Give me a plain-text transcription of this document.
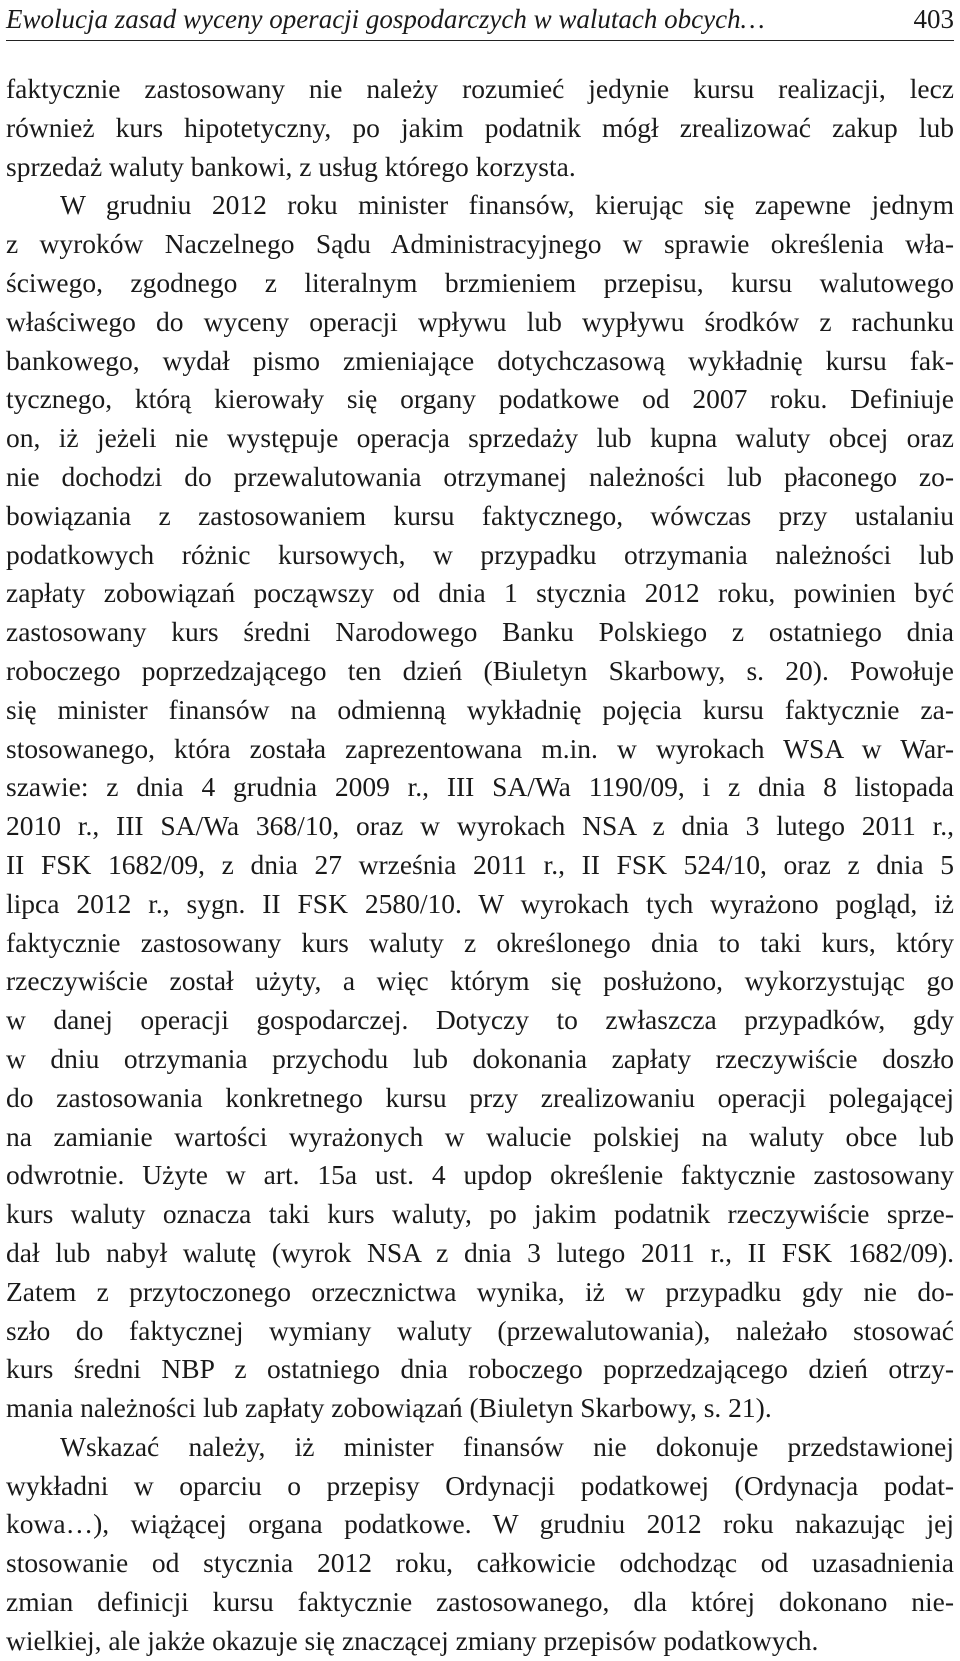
Ewolucja zasad wyceny operacji gospodarczych w walutach obcych…	403
faktycznie zastosowany nie należy rozumieć jedynie kursu realizacji, lecz
również kurs hipotetyczny, po jakim podatnik mógł zrealizować zakup lub
sprzedaż waluty bankowi, z usług którego korzysta.
W grudniu 2012 roku minister finansów, kierując się zapewne jednym
z wyroków Naczelnego Sądu Administracyjnego w sprawie określenia wła-
ściwego, zgodnego z literalnym brzmieniem przepisu, kursu walutowego
właściwego do wyceny operacji wpływu lub wypływu środków z rachunku
bankowego, wydał pismo zmieniające dotychczasową wykładnię kursu fak-
tycznego, którą kierowały się organy podatkowe od 2007 roku. Definiuje
on, iż jeżeli nie występuje operacja sprzedaży lub kupna waluty obcej oraz
nie dochodzi do przewalutowania otrzymanej należności lub płaconego zo-
bowiązania z zastosowaniem kursu faktycznego, wówczas przy ustalaniu
podatkowych różnic kursowych, w przypadku otrzymania należności lub
zapłaty zobowiązań począwszy od dnia 1 stycznia 2012 roku, powinien być
zastosowany kurs średni Narodowego Banku Polskiego z ostatniego dnia
roboczego poprzedzającego ten dzień (Biuletyn Skarbowy, s. 20). Powołuje
się minister finansów na odmienną wykładnię pojęcia kursu faktycznie za-
stosowanego, która została zaprezentowana m.in. w wyrokach WSA w War-
szawie: z dnia 4 grudnia 2009 r., III SA/Wa 1190/09, i z dnia 8 listopada
2010 r., III SA/Wa 368/10, oraz w wyrokach NSA z dnia 3 lutego 2011 r.,
II FSK 1682/09, z dnia 27 września 2011 r., II FSK 524/10, oraz z dnia 5
lipca 2012 r., sygn. II FSK 2580/10. W wyrokach tych wyrażono pogląd, iż
faktycznie zastosowany kurs waluty z określonego dnia to taki kurs, który
rzeczywiście został użyty, a więc którym się posłużono, wykorzystując go
w danej operacji gospodarczej. Dotyczy to zwłaszcza przypadków, gdy
w dniu otrzymania przychodu lub dokonania zapłaty rzeczywiście doszło
do zastosowania konkretnego kursu przy zrealizowaniu operacji polegającej
na zamianie wartości wyrażonych w walucie polskiej na waluty obce lub
odwrotnie. Użyte w art. 15a ust. 4 updop określenie faktycznie zastosowany
kurs waluty oznacza taki kurs waluty, po jakim podatnik rzeczywiście sprze-
dał lub nabył walutę (wyrok NSA z dnia 3 lutego 2011 r., II FSK 1682/09).
Zatem z przytoczonego orzecznictwa wynika, iż w przypadku gdy nie do-
szło do faktycznej wymiany waluty (przewalutowania), należało stosować
kurs średni NBP z ostatniego dnia roboczego poprzedzającego dzień otrzy-
mania należności lub zapłaty zobowiązań (Biuletyn Skarbowy, s. 21).
Wskazać należy, iż minister finansów nie dokonuje przedstawionej
wykładni w oparciu o przepisy Ordynacji podatkowej (Ordynacja podat-
kowa…), wiążącej organa podatkowe. W grudniu 2012 roku nakazując jej
stosowanie od stycznia 2012 roku, całkowicie odchodząc od uzasadnienia
zmian definicji kursu faktycznie zastosowanego, dla której dokonano nie-
wielkiej, ale jakże okazuje się znaczącej zmiany przepisów podatkowych.
